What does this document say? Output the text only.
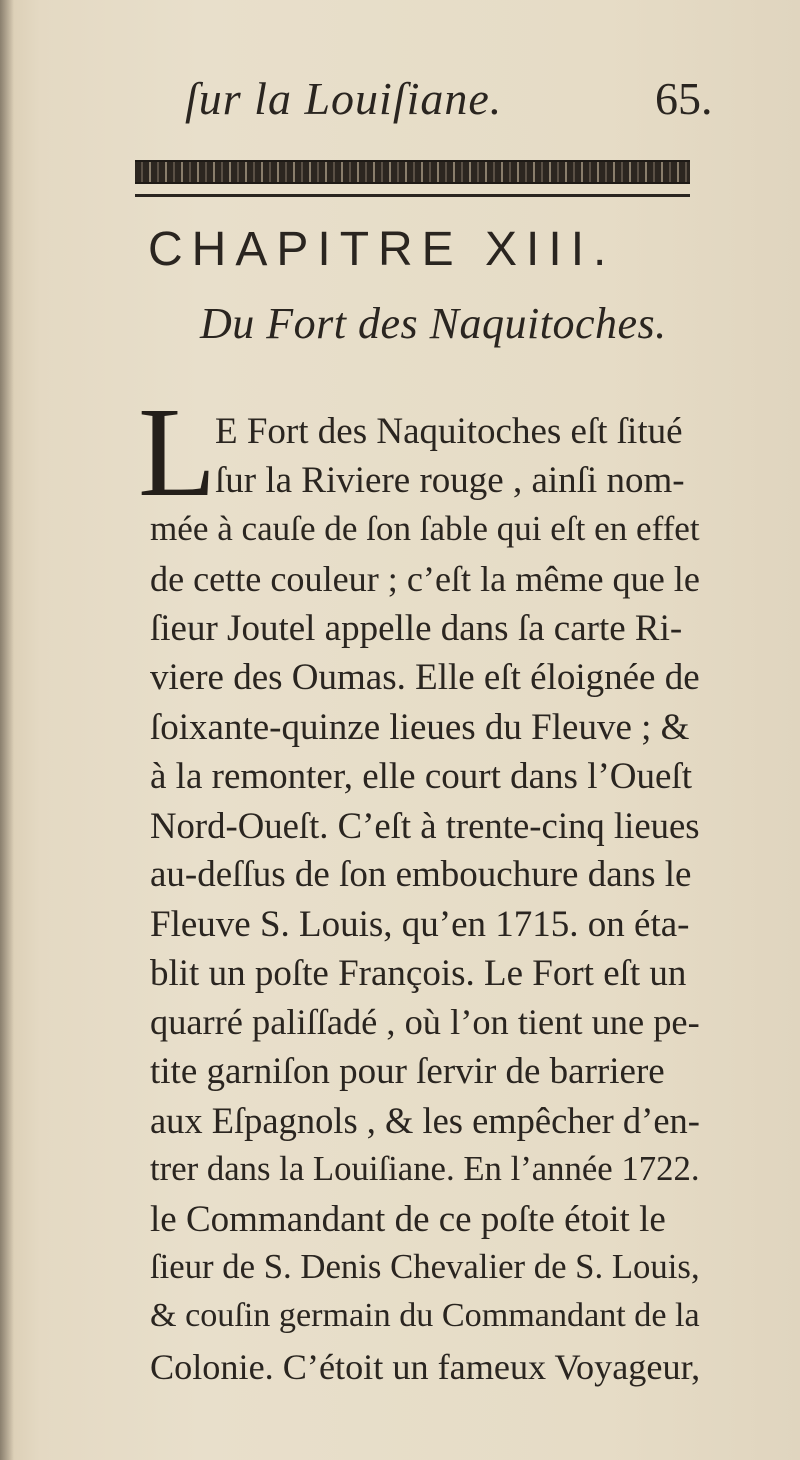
ſur la Louiſiane.	65.
CHAPITRE XIII.
Du Fort des Naquitoches.
L
E Fort des Naquitoches eſt ſitué
ſur la Riviere rouge , ainſi nom-
mée à cauſe de ſon ſable qui eſt en effet
de cette couleur ; c’eſt la même que le
ſieur Joutel appelle dans ſa carte Ri-
viere des Oumas. Elle eſt éloignée de
ſoixante-quinze lieues du Fleuve ; &
à la remonter, elle court dans l’Oueſt
Nord-Oueſt. C’eſt à trente-cinq lieues
au-deſſus de ſon embouchure dans le
Fleuve S. Louis, qu’en 1715. on éta-
blit un poſte François. Le Fort eſt un
quarré paliſſadé , où l’on tient une pe-
tite garniſon pour ſervir de barriere
aux Eſpagnols , & les empêcher d’en-
trer dans la Louiſiane. En l’année 1722.
le Commandant de ce poſte étoit le
ſieur de S. Denis Chevalier de S. Louis,
& couſin germain du Commandant de la
Colonie. C’étoit un fameux Voyageur,
